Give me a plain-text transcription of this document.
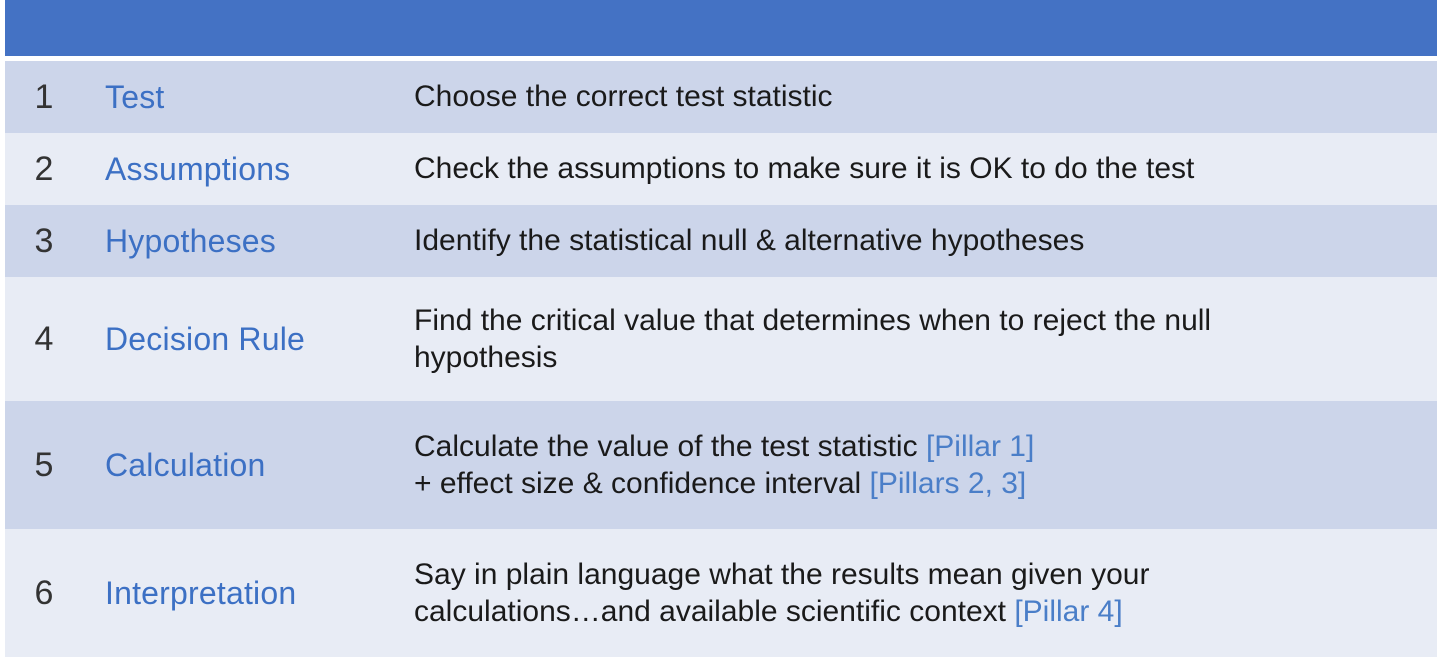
1	Test	Choose the correct test statistic
2	Assumptions	Check the assumptions to make sure it is OK to do the test
3	Hypotheses	Identify the statistical null & alternative hypotheses
4	Decision Rule	Find the critical value that determines when to reject the null
hypothesis

5	Calculation	Calculate the value of the test statistic [Pillar 1]
+ effect size & confidence interval [Pillars 2, 3]

6	Interpretation	Say in plain language what the results mean given your
calculations…and available scientific context [Pillar 4]
